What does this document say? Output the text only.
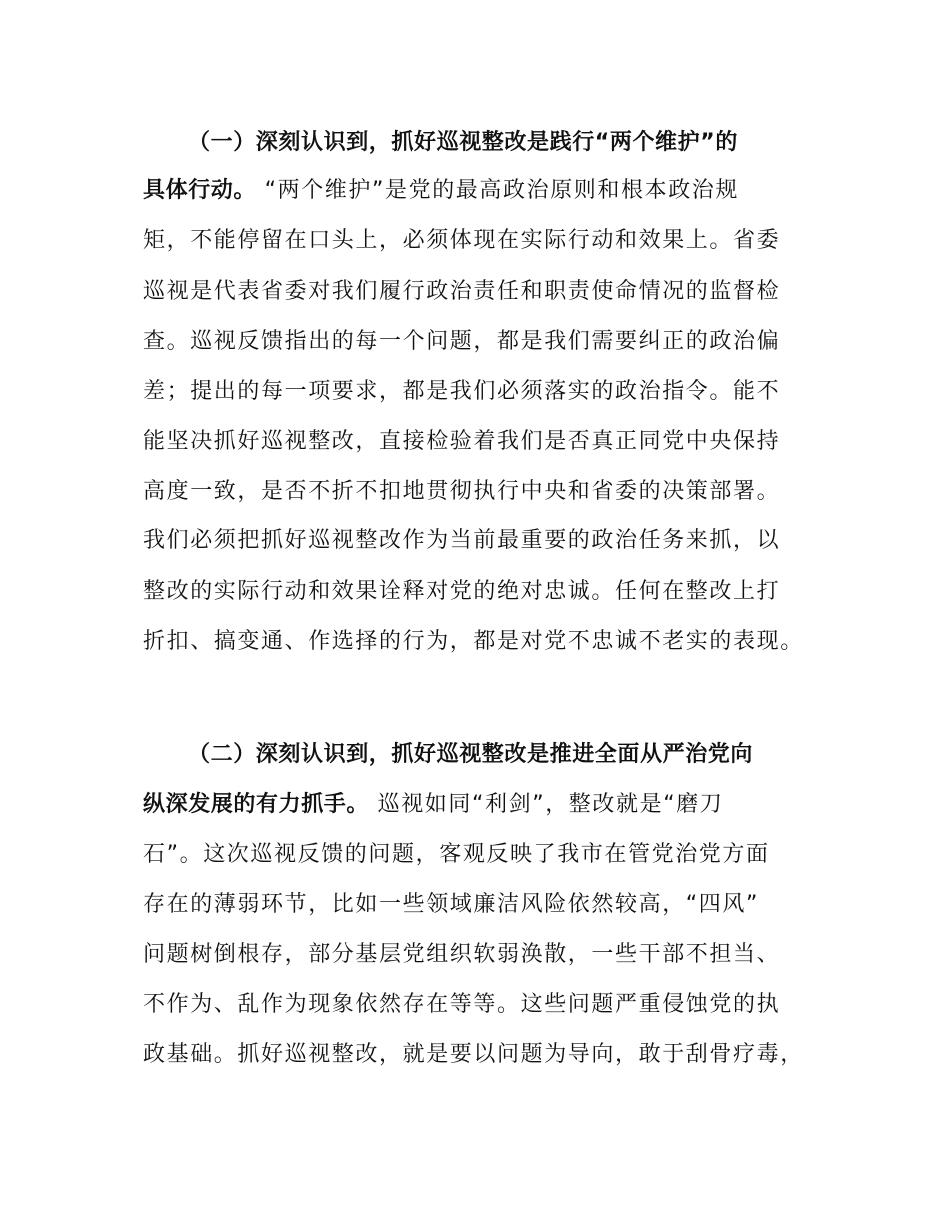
（一）深刻认识到，抓好巡视整改是践行“两个维护”的

具体行动。 “两个维护”是党的最高政治原则和根本政治规

矩，不能停留在口头上，必须体现在实际行动和效果上。省委

巡视是代表省委对我们履行政治责任和职责使命情况的监督检

查。巡视反馈指出的每一个问题，都是我们需要纠正的政治偏

差；提出的每一项要求，都是我们必须落实的政治指令。能不

能坚决抓好巡视整改，直接检验着我们是否真正同党中央保持

高度一致，是否不折不扣地贯彻执行中央和省委的决策部署。

我们必须把抓好巡视整改作为当前最重要的政治任务来抓，以

整改的实际行动和效果诠释对党的绝对忠诚。任何在整改上打

折扣、搞变通、作选择的行为，都是对党不忠诚不老实的表现。

（二）深刻认识到，抓好巡视整改是推进全面从严治党向

纵深发展的有力抓手。 巡视如同“利剑”，整改就是“磨刀

石”。这次巡视反馈的问题，客观反映了我市在管党治党方面

存在的薄弱环节，比如一些领域廉洁风险依然较高，“四风”

问题树倒根存，部分基层党组织软弱涣散，一些干部不担当、

不作为、乱作为现象依然存在等等。这些问题严重侵蚀党的执

政基础。抓好巡视整改，就是要以问题为导向，敢于刮骨疗毒，
